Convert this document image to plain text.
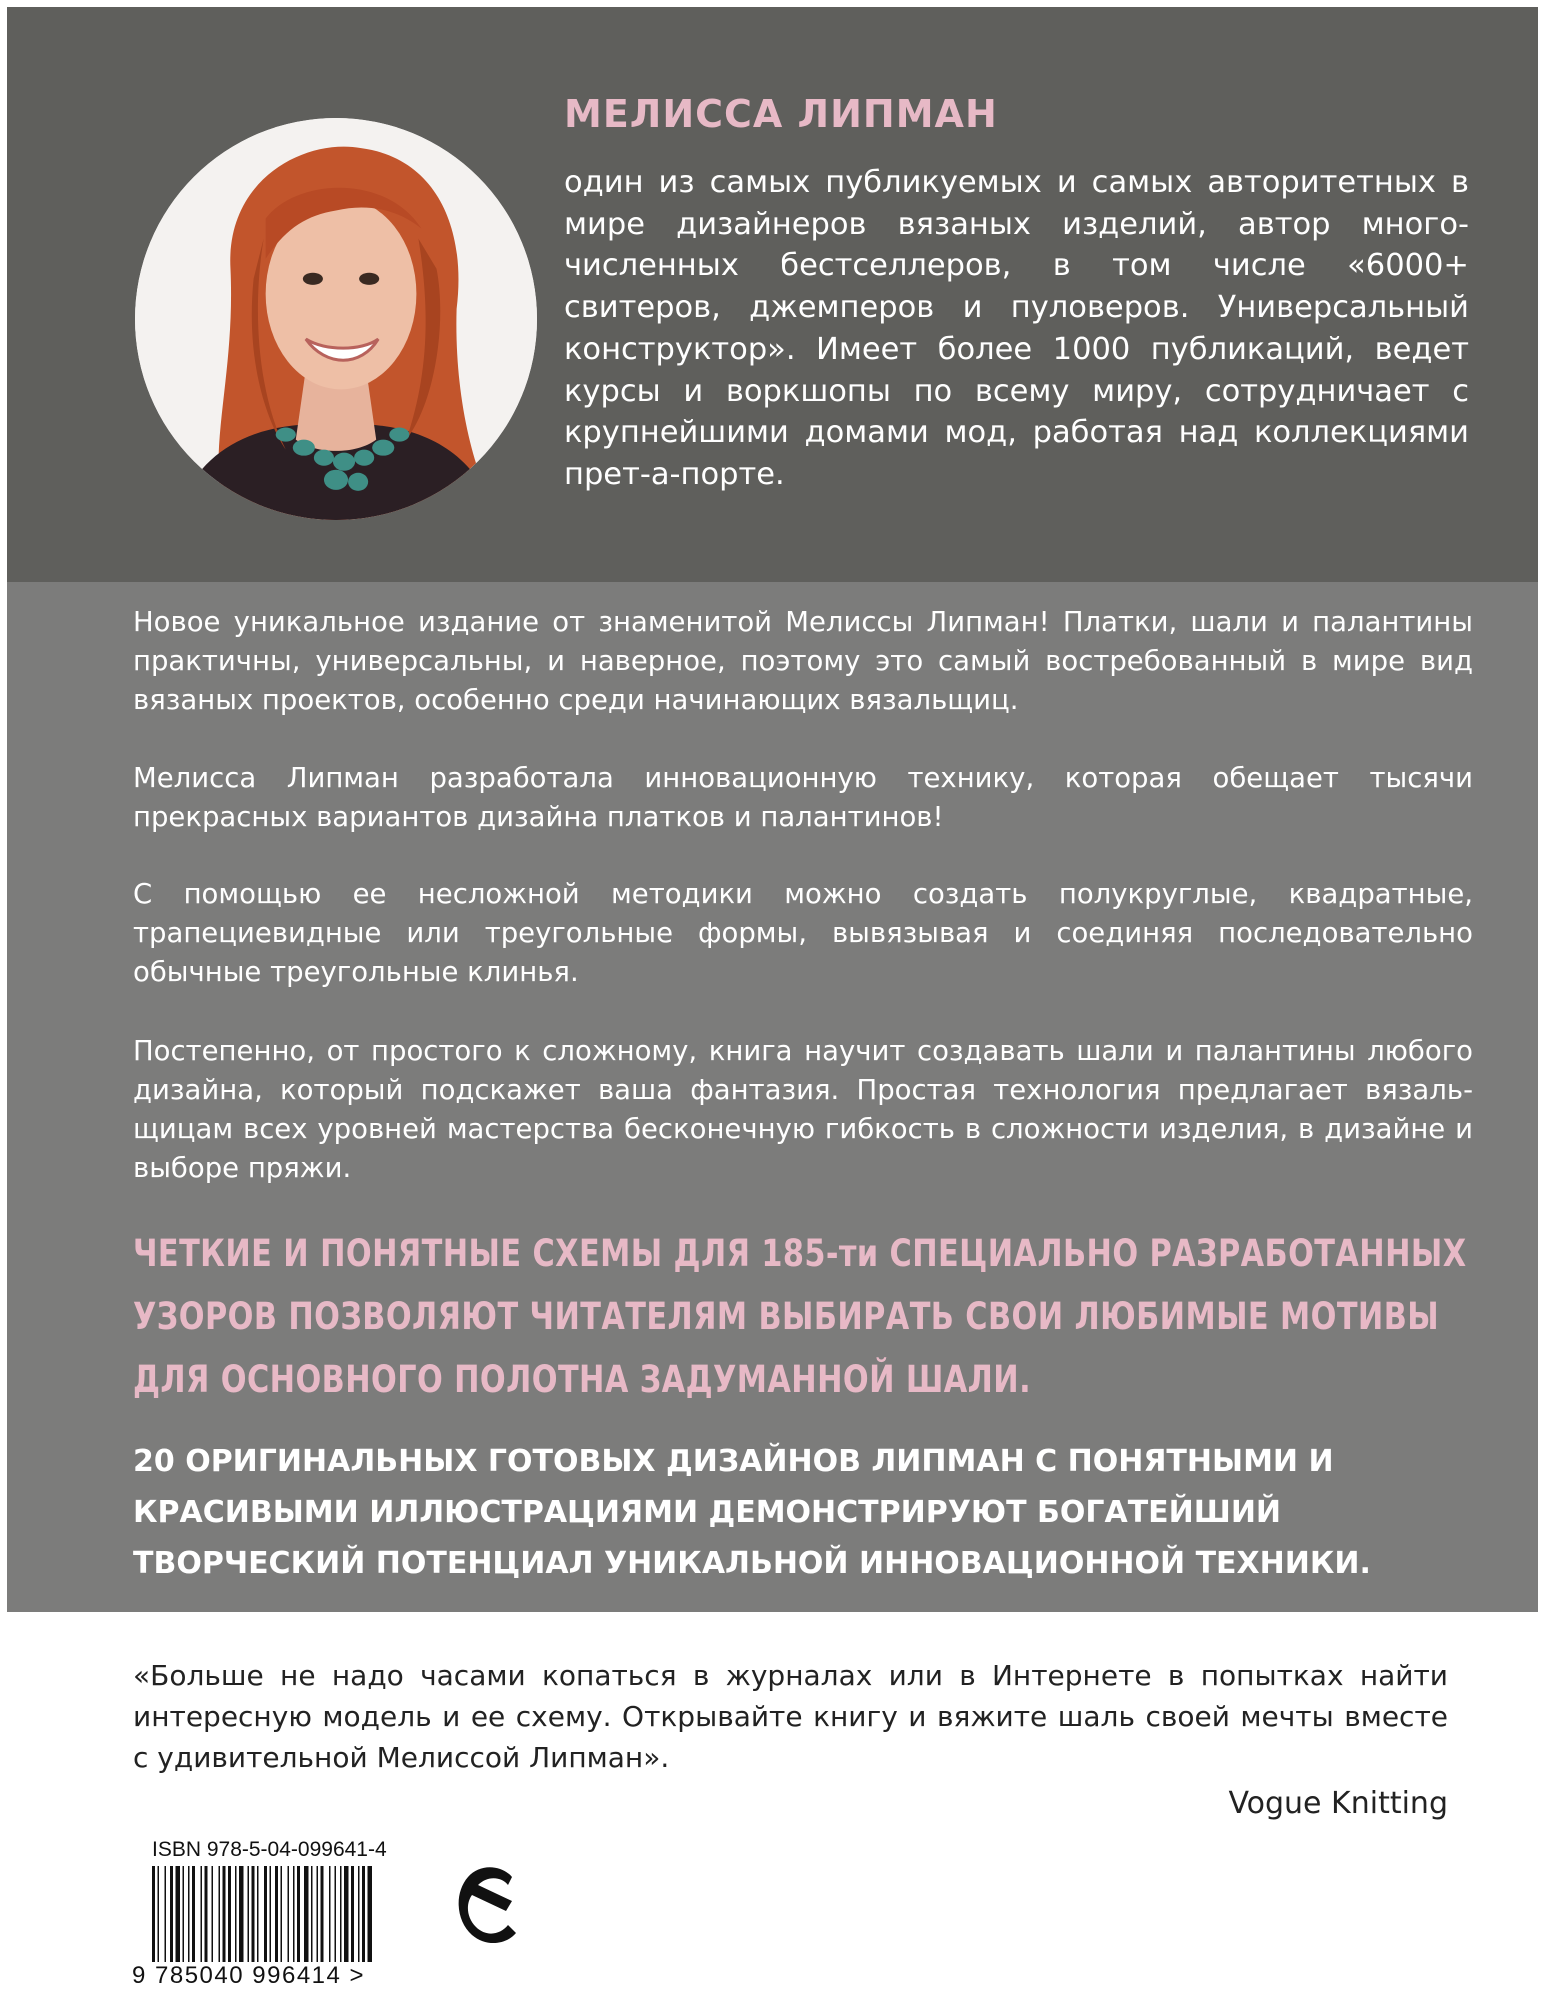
МЕЛИССА ЛИПМАН

один из самых публикуемых и самых авторитетных в мире дизайнеров вязаных изделий, автор многочисленных бестселлеров, в том числе «6000+ свитеров, джемперов и пуловеров. Универсальный конструктор». Имеет более 1000 публикаций, ведет курсы и воркшопы по всему миру, сотрудничает с крупнейшими домами мод, работая над коллекциями прет-а-порте.

Новое уникальное издание от знаменитой Мелиссы Липман! Платки, шали и палантины практичны, универсальны, и наверное, поэтому это самый востребованный в мире вид вязаных проектов, особенно среди начинающих вязальщиц.

Мелисса Липман разработала инновационную технику, которая обещает тысячи прекрасных вариантов дизайна платков и палантинов!

С помощью ее несложной методики можно создать полукруглые, квадратные, трапециевидные или треугольные формы, вывязывая и соединяя последовательно обычные треугольные клинья.

Постепенно, от простого к сложному, книга научит создавать шали и палантины любого дизайна, который подскажет ваша фантазия. Простая технология предлагает вязальщицам всех уровней мастерства бесконечную гибкость в сложности изделия, в дизайне и выборе пряжи.

ЧЕТКИЕ И ПОНЯТНЫЕ СХЕМЫ ДЛЯ 185-ти СПЕЦИАЛЬНО РАЗРАБОТАННЫХ УЗОРОВ ПОЗВОЛЯЮТ ЧИТАТЕЛЯМ ВЫБИРАТЬ СВОИ ЛЮБИМЫЕ МОТИВЫ ДЛЯ ОСНОВНОГО ПОЛОТНА ЗАДУМАННОЙ ШАЛИ.

20 ОРИГИНАЛЬНЫХ ГОТОВЫХ ДИЗАЙНОВ ЛИПМАН С ПОНЯТНЫМИ И КРАСИВЫМИ ИЛЛЮСТРАЦИЯМИ ДЕМОНСТРИРУЮТ БОГАТЕЙШИЙ ТВОРЧЕСКИЙ ПОТЕНЦИАЛ УНИКАЛЬНОЙ ИННОВАЦИОННОЙ ТЕХНИКИ.

«Больше не надо часами копаться в журналах или в Интернете в попытках найти интересную модель и ее схему. Открывайте книгу и вяжите шаль своей мечты вместе с удивительной Мелиссой Липман».

Vogue Knitting

ISBN 978-5-04-099641-4

9 785040 996414 >
